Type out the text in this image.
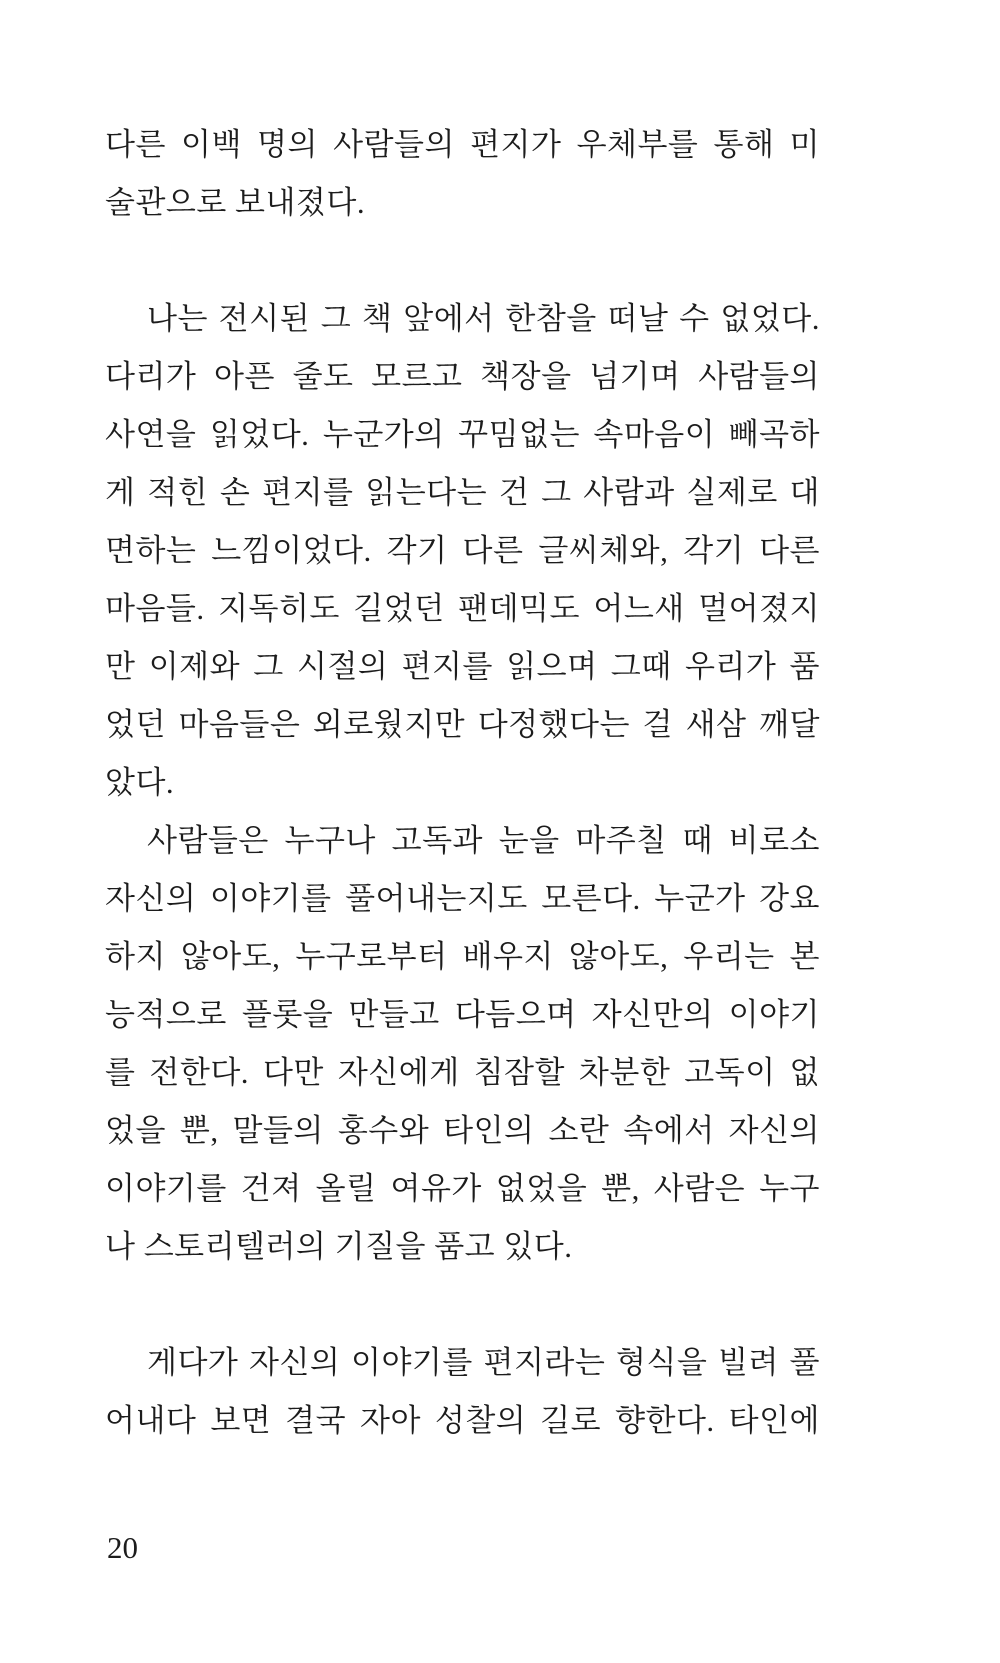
다른 이백 명의 사람들의 편지가 우체부를 통해 미
술관으로 보내졌다.
나는 전시된 그 책 앞에서 한참을 떠날 수 없었다.
다리가 아픈 줄도 모르고 책장을 넘기며 사람들의
사연을 읽었다. 누군가의 꾸밈없는 속마음이 빼곡하
게 적힌 손 편지를 읽는다는 건 그 사람과 실제로 대
면하는 느낌이었다. 각기 다른 글씨체와, 각기 다른
마음들. 지독히도 길었던 팬데믹도 어느새 멀어졌지
만 이제와 그 시절의 편지를 읽으며 그때 우리가 품
었던 마음들은 외로웠지만 다정했다는 걸 새삼 깨달
았다.
사람들은 누구나 고독과 눈을 마주칠 때 비로소
자신의 이야기를 풀어내는지도 모른다. 누군가 강요
하지 않아도, 누구로부터 배우지 않아도, 우리는 본
능적으로 플롯을 만들고 다듬으며 자신만의 이야기
를 전한다. 다만 자신에게 침잠할 차분한 고독이 없
었을 뿐, 말들의 홍수와 타인의 소란 속에서 자신의
이야기를 건져 올릴 여유가 없었을 뿐, 사람은 누구
나 스토리텔러의 기질을 품고 있다.
게다가 자신의 이야기를 편지라는 형식을 빌려 풀
어내다 보면 결국 자아 성찰의 길로 향한다. 타인에
20
